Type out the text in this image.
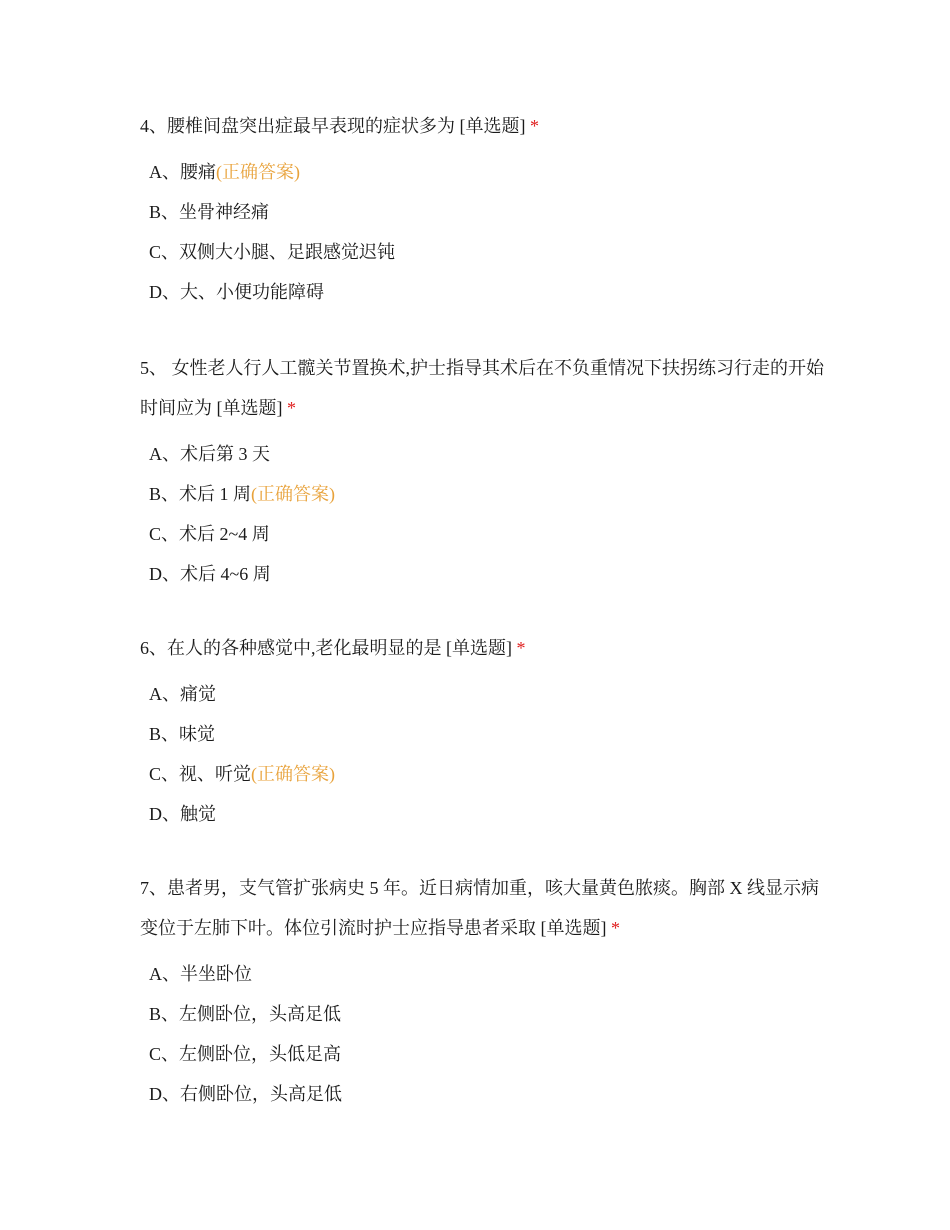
4、腰椎间盘突出症最早表现的症状多为 [单选题] *

A、腰痛(正确答案)
B、坐骨神经痛
C、双侧大小腿、足跟感觉迟钝
D、大、小便功能障碍

5、 女性老人行人工髋关节置换术,护士指导其术后在不负重情况下扶拐练习行走的开始时间应为 [单选题] *

A、术后第 3 天
B、术后 1 周(正确答案)
C、术后 2~4 周
D、术后 4~6 周

6、在人的各种感觉中,老化最明显的是 [单选题] *

A、痛觉
B、味觉
C、视、听觉(正确答案)
D、触觉

7、患者男，支气管扩张病史 5 年。近日病情加重，咳大量黄色脓痰。胸部 X 线显示病变位于左肺下叶。体位引流时护士应指导患者采取 [单选题] *

A、半坐卧位
B、左侧卧位，头高足低
C、左侧卧位，头低足高
D、右侧卧位，头高足低
